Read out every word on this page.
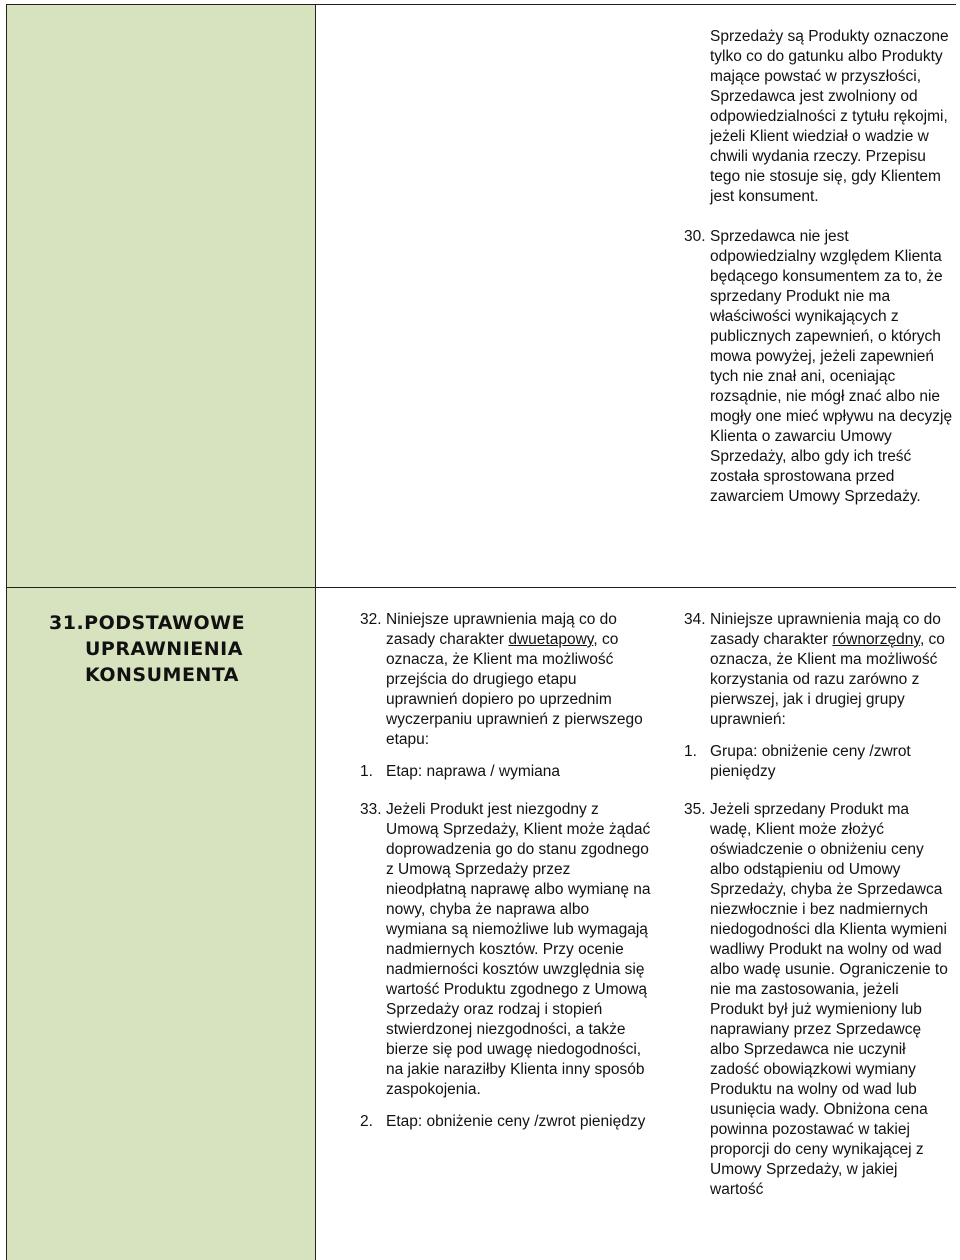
Sprzedaży są Produkty oznaczone tylko co do gatunku albo Produkty mające powstać w przyszłości, Sprzedawca jest zwolniony od odpowiedzialności z tytułu rękojmi, jeżeli Klient wiedział o wadzie w chwili wydania rzeczy. Przepisu tego nie stosuje się, gdy Klientem jest konsument.

30. Sprzedawca nie jest odpowiedzialny względem Klienta będącego konsumentem za to, że sprzedany Produkt nie ma właściwości wynikających z publicznych zapewnień, o których mowa powyżej, jeżeli zapewnień tych nie znał ani, oceniając rozsądnie, nie mógł znać albo nie mogły one mieć wpływu na decyzję Klienta o zawarciu Umowy Sprzedaży, albo gdy ich treść została sprostowana przed zawarciem Umowy Sprzedaży.
31.PODSTAWOWE
UPRAWNIENIA
KONSUMENTA
32. Niniejsze uprawnienia mają co do zasady charakter dwuetapowy, co oznacza, że Klient ma możliwość przejścia do drugiego etapu uprawnień dopiero po uprzednim wyczerpaniu uprawnień z pierwszego etapu:
1. Etap: naprawa / wymiana
33. Jeżeli Produkt jest niezgodny z Umową Sprzedaży, Klient może żądać doprowadzenia go do stanu zgodnego z Umową Sprzedaży przez nieodpłatną naprawę albo wymianę na nowy, chyba że naprawa albo wymiana są niemożliwe lub wymagają nadmiernych kosztów. Przy ocenie nadmierności kosztów uwzględnia się wartość Produktu zgodnego z Umową Sprzedaży oraz rodzaj i stopień stwierdzonej niezgodności, a także bierze się pod uwagę niedogodności, na jakie naraziłby Klienta inny sposób zaspokojenia.
2. Etap: obniżenie ceny /zwrot pieniędzy
34. Niniejsze uprawnienia mają co do zasady charakter równorzędny, co oznacza, że Klient ma możliwość korzystania od razu zarówno z pierwszej, jak i drugiej grupy uprawnień:
1. Grupa: obniżenie ceny /zwrot pieniędzy
35. Jeżeli sprzedany Produkt ma wadę, Klient może złożyć oświadczenie o obniżeniu ceny albo odstąpieniu od Umowy Sprzedaży, chyba że Sprzedawca niezwłocznie i bez nadmiernych niedogodności dla Klienta wymieni wadliwy Produkt na wolny od wad albo wadę usunie. Ograniczenie to nie ma zastosowania, jeżeli Produkt był już wymieniony lub naprawiany przez Sprzedawcę albo Sprzedawca nie uczynił zadość obowiązkowi wymiany Produktu na wolny od wad lub usunięcia wady. Obniżona cena powinna pozostawać w takiej proporcji do ceny wynikającej z Umowy Sprzedaży, w jakiej wartość
